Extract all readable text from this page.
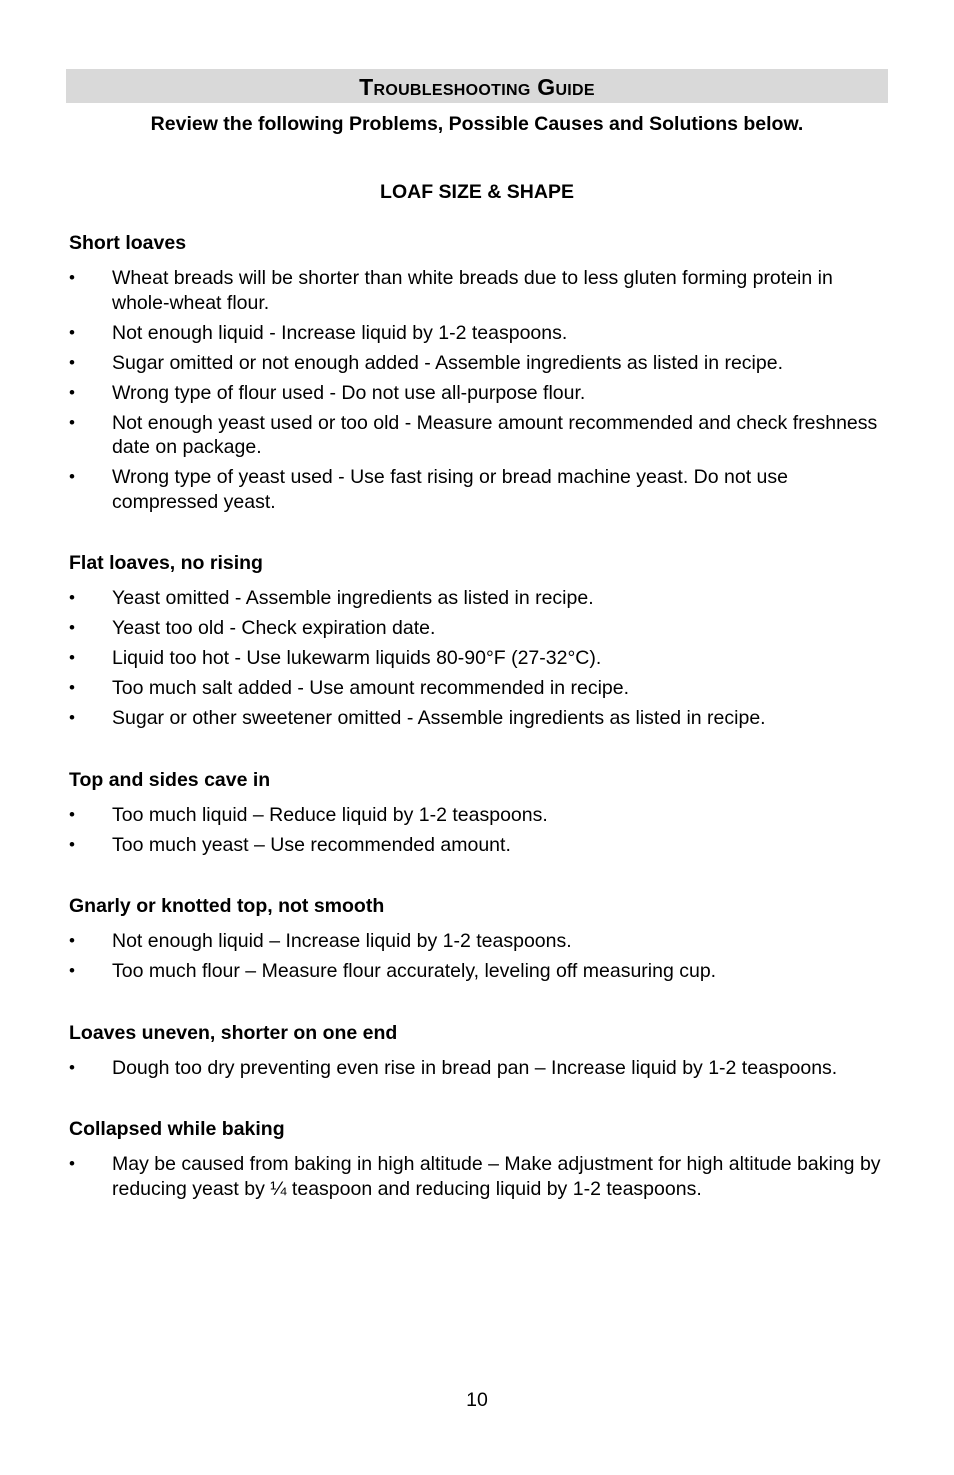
Troubleshooting Guide
Review the following Problems, Possible Causes and Solutions below.
LOAF SIZE & SHAPE
Short loaves
• Wheat breads will be shorter than white breads due to less gluten forming protein in whole-wheat flour.
• Not enough liquid - Increase liquid by 1-2 teaspoons.
• Sugar omitted or not enough added - Assemble ingredients as listed in recipe.
• Wrong type of flour used - Do not use all-purpose flour.
• Not enough yeast used or too old - Measure amount recommended and check freshness date on package.
• Wrong type of yeast used - Use fast rising or bread machine yeast. Do not use compressed yeast.
Flat loaves, no rising
• Yeast omitted - Assemble ingredients as listed in recipe.
• Yeast too old - Check expiration date.
• Liquid too hot - Use lukewarm liquids 80-90°F (27-32°C).
• Too much salt added - Use amount recommended in recipe.
• Sugar or other sweetener omitted - Assemble ingredients as listed in recipe.
Top and sides cave in
• Too much liquid – Reduce liquid by 1-2 teaspoons.
• Too much yeast – Use recommended amount.
Gnarly or knotted top, not smooth
• Not enough liquid – Increase liquid by 1-2 teaspoons.
• Too much flour – Measure flour accurately, leveling off measuring cup.
Loaves uneven, shorter on one end
• Dough too dry preventing even rise in bread pan – Increase liquid by 1-2 teaspoons.
Collapsed while baking
• May be caused from baking in high altitude – Make adjustment for high altitude baking by reducing yeast by ¼ teaspoon and reducing liquid by 1-2 teaspoons.
10
